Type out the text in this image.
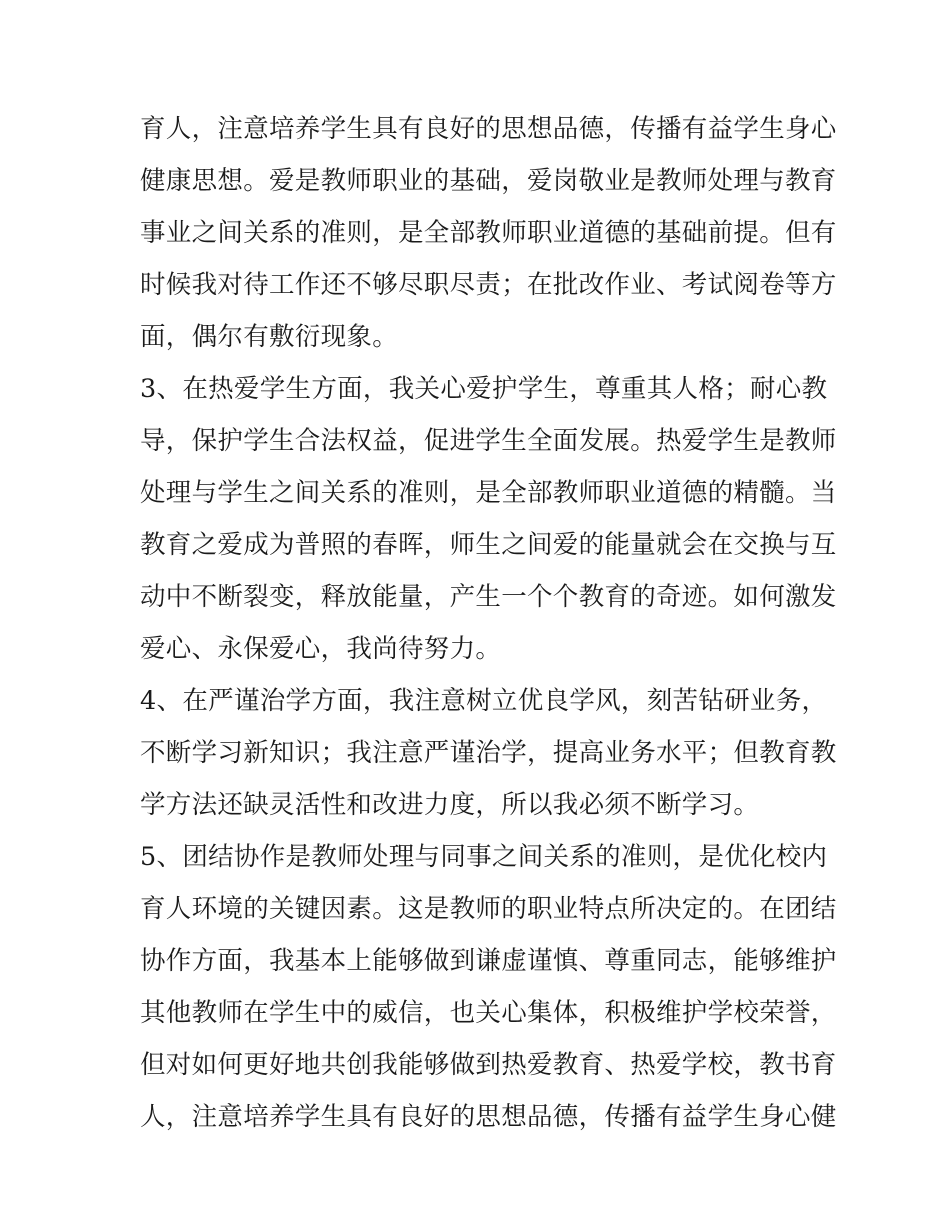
育人，注意培养学生具有良好的思想品德，传播有益学生身心
健康思想。爱是教师职业的基础，爱岗敬业是教师处理与教育
事业之间关系的准则，是全部教师职业道德的基础前提。但有
时候我对待工作还不够尽职尽责；在批改作业、考试阅卷等方
面，偶尔有敷衍现象。
3、在热爱学生方面，我关心爱护学生，尊重其人格；耐心教
导，保护学生合法权益，促进学生全面发展。热爱学生是教师
处理与学生之间关系的准则，是全部教师职业道德的精髓。当
教育之爱成为普照的春晖，师生之间爱的能量就会在交换与互
动中不断裂变，释放能量，产生一个个教育的奇迹。如何激发
爱心、永保爱心，我尚待努力。
4、在严谨治学方面，我注意树立优良学风，刻苦钻研业务，
不断学习新知识；我注意严谨治学，提高业务水平；但教育教
学方法还缺灵活性和改进力度，所以我必须不断学习。
5、团结协作是教师处理与同事之间关系的准则，是优化校内
育人环境的关键因素。这是教师的职业特点所决定的。在团结
协作方面，我基本上能够做到谦虚谨慎、尊重同志，能够维护
其他教师在学生中的威信，也关心集体，积极维护学校荣誉，
但对如何更好地共创我能够做到热爱教育、热爱学校，教书育
人，注意培养学生具有良好的思想品德，传播有益学生身心健
